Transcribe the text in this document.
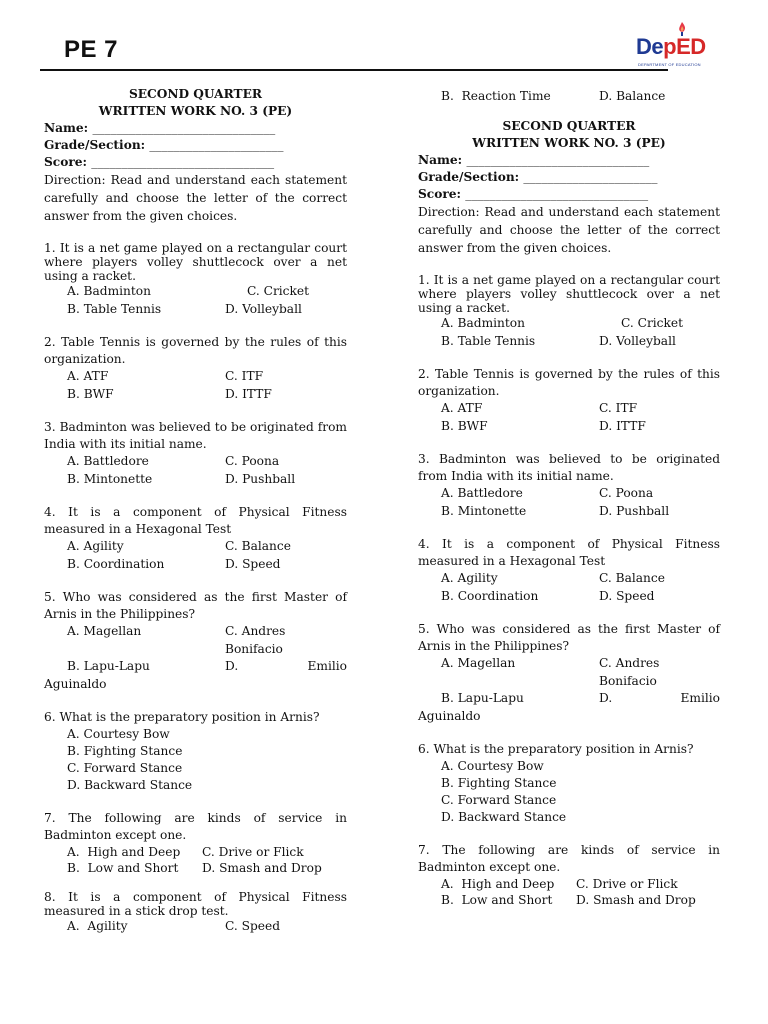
PE 7	DepED
DEPARTMENT OF EDUCATION
SECOND QUARTER
WRITTEN WORK NO. 3 (PE)
Name: ______________________________
Grade/Section: ______________________
Score: ______________________________
Direction: Read and understand each statement carefully and choose the letter of the correct answer from the given choices.
1. It is a net game played on a rectangular court where players volley shuttlecock over a net using a racket.
A. Badminton	C. Cricket
B. Table Tennis	D. Volleyball
2. Table Tennis is governed by the rules of this organization.
A. ATF	C. ITF
B. BWF	D. ITTF
3. Badminton was believed to be originated from India with its initial name.
A. Battledore	C. Poona
B. Mintonette	D. Pushball
4. It is a component of Physical Fitness measured in a Hexagonal Test
A. Agility	C. Balance
B. Coordination	D. Speed
5. Who was considered as the first Master of Arnis in the Philippines?
A. Magellan	C. Andres Bonifacio
B. Lapu-Lapu	D.	Emilio
Aguinaldo
6. What is the preparatory position in Arnis?
A. Courtesy Bow
B. Fighting Stance
C. Forward Stance
D. Backward Stance
7. The following are kinds of service in Badminton except one.
A.  High and Deep	C. Drive or Flick
B.  Low and Short	D. Smash and Drop
8. It is a component of Physical Fitness measured in a stick drop test.
A.  Agility	C. Speed
B.  Reaction Time	D. Balance
SECOND QUARTER
WRITTEN WORK NO. 3 (PE)
Name: ______________________________
Grade/Section: ______________________
Score: ______________________________
Direction: Read and understand each statement carefully and choose the letter of the correct answer from the given choices.
1. It is a net game played on a rectangular court where players volley shuttlecock over a net using a racket.
A. Badminton	C. Cricket
B. Table Tennis	D. Volleyball
2. Table Tennis is governed by the rules of this organization.
A. ATF	C. ITF
B. BWF	D. ITTF
3. Badminton was believed to be originated from India with its initial name.
A. Battledore	C. Poona
B. Mintonette	D. Pushball
4. It is a component of Physical Fitness measured in a Hexagonal Test
A. Agility	C. Balance
B. Coordination	D. Speed
5. Who was considered as the first Master of Arnis in the Philippines?
A. Magellan	C. Andres Bonifacio
B. Lapu-Lapu	D.	Emilio
Aguinaldo
6. What is the preparatory position in Arnis?
A. Courtesy Bow
B. Fighting Stance
C. Forward Stance
D. Backward Stance
7. The following are kinds of service in Badminton except one.
A.  High and Deep	C. Drive or Flick
B.  Low and Short	D. Smash and Drop
